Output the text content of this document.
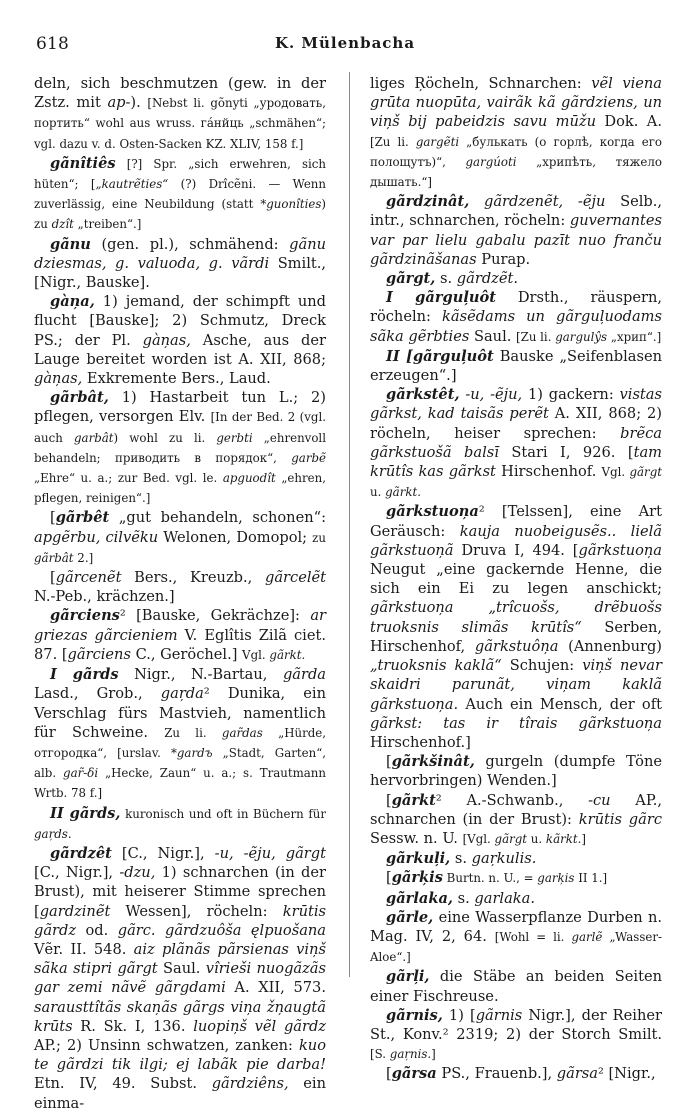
618	K. Mülenbacha

deln, sich beschmutzen (gew. in der Zstz. mit ap-). [Nebst li. gõnyti „уродовать, портить“ wohl aus wruss. гáнйць „schmähen“; vgl. dazu v. d. Osten-Sacken KZ. XLIV, 158 f.]

gãnîtiês [?] Spr. „sich erwehren, sich hüten“; [„kautrẽties“ (?) Drîcẽni. — Wenn zuverlässig, eine Neubildung (statt *guonîties) zu dzît „treiben“.]

gãnu (gen. pl.), schmähend: gãnu dziesmas, g. valuoda, g. vãrdi Smilt., [Nigr., Bauske].

gàņa, 1) jemand, der schimpft und flucht [Bauske]; 2) Schmutz, Dreck PS.; der Pl. gàņas, Asche, aus der Lauge bereitet worden ist A. XII, 868; gàņas, Exkremente Bers., Laud.

gãrbât, 1) Hastarbeit tun L.; 2) pflegen, versorgen Elv. [In der Bed. 2 (vgl. auch garbât) wohl zu li. gerbti „ehrenvoll behandeln; приводить в порядок“, garbẽ „Ehre“ u. a.; zur Bed. vgl. le. apguodît „ehren, pflegen, reinigen“.]

[gãrbêt „gut behandeln, schonen“: apgẽrbu, cilvẽku Welonen, Domopol; zu gãrbât 2.]

[gãrcenẽt Bers., Kreuzb., gãrcelẽt N.-Peb., krächzen.]

gãrciens² [Bauske, Gekrächze]: ar griezas gãrcieniem V. Eglîtis Zilã ciet. 87. [gãrciens C., Geröchel.] Vgl. gãrkt.

I gãrds Nigr., N.-Bartau, gãrda Lasd., Grob., gaŗda² Dunika, ein Verschlag fürs Mastvieh, namentlich für Schweine. Zu li. gar̃das „Hürde, отгородка“, [urslav. *gardъ „Stadt, Garten“, alb. gar̃-δi „Hecke, Zaun“ u. a.; s. Trautmann Wrtb. 78 f.]

II gãrds, kuronisch und oft in Büchern für gaŗds.

gãrdzêt [C., Nigr.], -u, -ẽju, gãrgt [C., Nigr.], -dzu, 1) schnarchen (in der Brust), mit heiserer Stimme sprechen [gardzinẽt Wessen], röcheln: krūtis gãrdz od. gãrc. gãrdzuôša ęlpuošana Vẽr. II. 548. aiz plãnãs pãrsienas viņš sãka stipri gãrgt Saul. vîrieši nuogãzãs gar zemi nãvẽ gãrgdami A. XII, 573. sarausttîtãs skaņãs gãrgs viņa žņaugtã krūts R. Sk. I, 136. luopiņš vẽl gãrdz AP.; 2) Unsinn schwatzen, zanken: kuo te gãrdzi tik ilgi; ej labãk pie darba! Etn. IV, 49. Subst. gãrdziêns, ein einma-

liges Ŗöcheln, Schnarchen: vẽl viena grūta nuopūta, vairãk kã gãrdziens, un viņš bij pabeidzis savu mūžu Dok. A. [Zu li. gargẽti „булькать (о горлѣ, когда его полощутъ)“, gargúoti „хрипѣть, тяжело дышать.“]

gãrdzinât, gãrdzenẽt, -ẽju Selb., intr., schnarchen, röcheln: guvernantes var par lielu gabalu pazīt nuo franču gãrdzinãšanas Purap.

gãrgt, s. gãrdzẽt.

I gãrguļuôt Drsth., räuspern, röcheln: kãsẽdams un gãrguļuodams sãka gẽrbties Saul. [Zu li. gargulŷs „хрип“.]

II [gãrguļuôt Bauske „Seifenblasen erzeugen“.]

gãrkstêt, -u, -ẽju, 1) gackern: vistas gãrkst, kad taisãs perẽt A. XII, 868; 2) röcheln, heiser sprechen: brẽca gãrkstuošã balsī Stari I, 926. [tam krūtîs kas gãrkst Hirschenhof. Vgl. gãrgt u. gãrkt.

gãrkstuoņa² [Telssen], eine Art Geräusch: kauja nuobeigusẽs.. lielã gãrkstuoņã Druva I, 494. [gãrkstuoņa Neugut „eine gackernde Henne, die sich ein Ei zu legen anschickt; gãrkstuoņa „trîcuošs, drẽbuošs truoksnis slimãs krūtîs“ Serben, Hirschenhof, gãrkstuôņa (Annenburg) „truoksnis kaklã“ Schujen: viņš nevar skaidri parunãt, viņam kaklã gãrkstuoņa. Auch ein Mensch, der oft gãrkst: tas ir tîrais gãrkstuoņa Hirschenhof.]

[gãrkšinât, gurgeln (dumpfe Töne hervorbringen) Wenden.]

[gãrkt² A.-Schwanb., -cu AP., schnarchen (in der Brust): krūtis gãrc Sessw. n. U. [Vgl. gãrgt u. kãrkt.]

gãrkuļi, s. gaŗkulis.

[gãrķis Burtn. n. U., = garķis II 1.]

gãrlaka, s. garlaka.

gãrle, eine Wasserpflanze Durben n. Mag. IV, 2, 64. [Wohl = li. garlẽ „Wasser-Aloe“.]

gãrļi, die Stäbe an beiden Seiten einer Fischreuse.

gãrnis, 1) [gãrnis Nigr.], der Reiher St., Konv.² 2319; 2) der Storch Smilt. [S. gaŗnis.]

[gãrsa PS., Frauenb.], gãrsa² [Nigr.,
